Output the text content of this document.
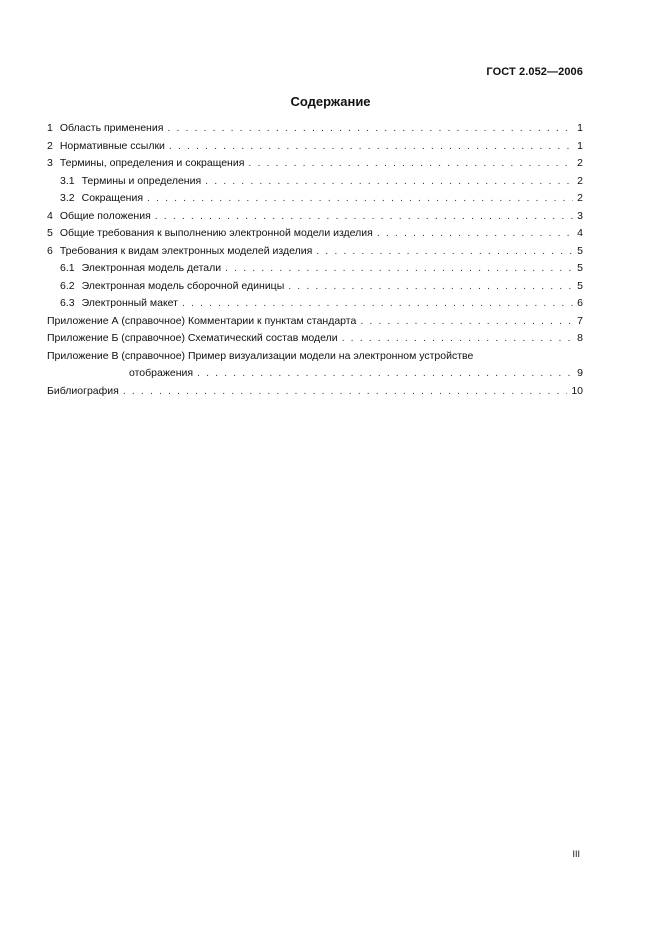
ГОСТ 2.052—2006
Содержание
1 Область применения . . .	1
2 Нормативные ссылки . . .	1
3 Термины, определения и сокращения . . .	2
3.1 Термины и определения . . .	2
3.2 Сокращения . . .	2
4 Общие положения . . .	3
5 Общие требования к выполнению электронной модели изделия . . .	4
6 Требования к видам электронных моделей изделия . . .	5
6.1 Электронная модель детали . . .	5
6.2 Электронная модель сборочной единицы . . .	5
6.3 Электронный макет . . .	6
Приложение А (справочное) Комментарии к пунктам стандарта . . .	7
Приложение Б (справочное) Схематический состав модели . . .	8
Приложение В (справочное) Пример визуализации модели на электронном устройстве
отображения . . .	9
Библиография . . .	10
III
